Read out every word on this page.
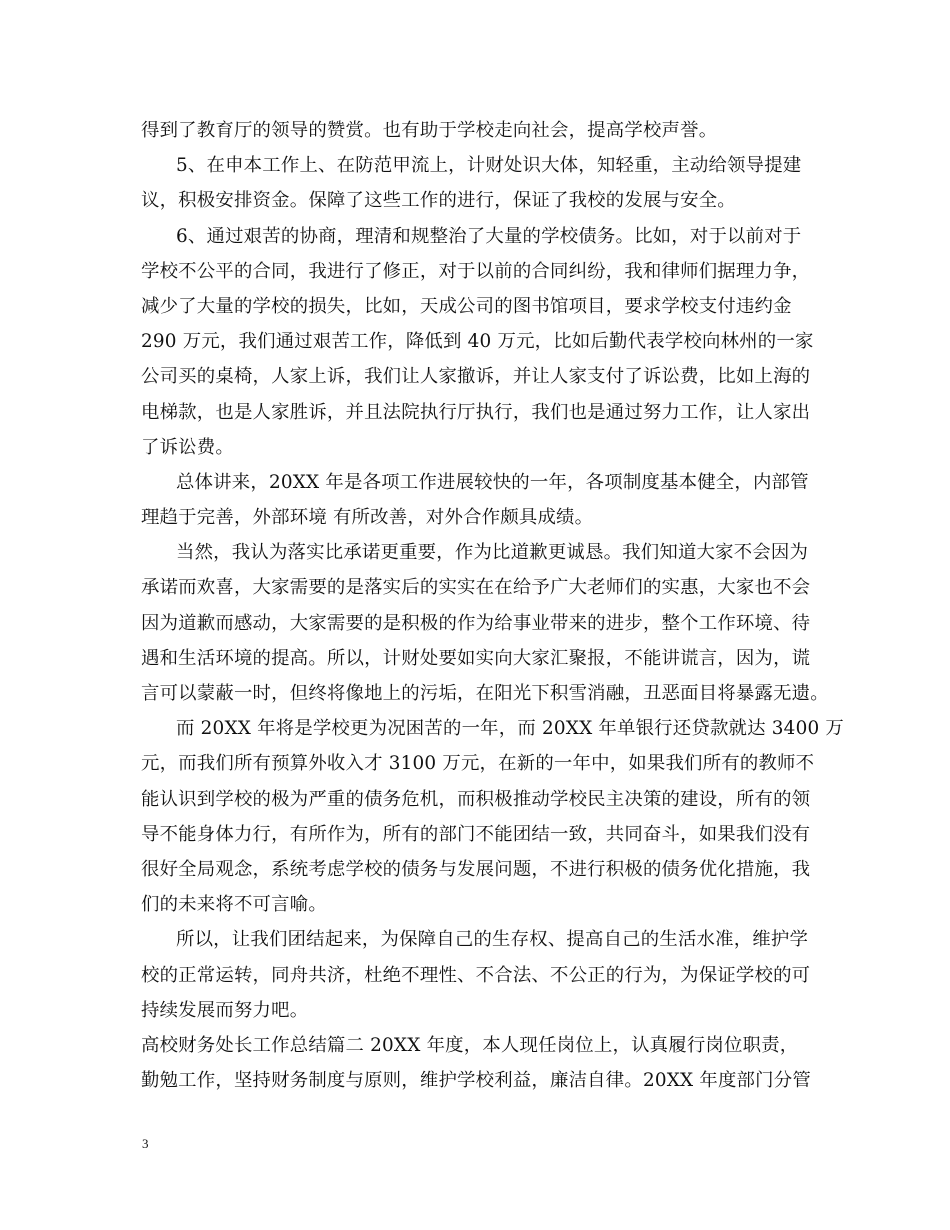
得到了教育厅的领导的赞赏。也有助于学校走向社会，提高学校声誉。
5、在申本工作上、在防范甲流上，计财处识大体，知轻重，主动给领导提建
议，积极安排资金。保障了这些工作的进行，保证了我校的发展与安全。
6、通过艰苦的协商，理清和规整治了大量的学校债务。比如，对于以前对于
学校不公平的合同，我进行了修正，对于以前的合同纠纷，我和律师们据理力争，
减少了大量的学校的损失，比如，天成公司的图书馆项目，要求学校支付违约金
290 万元，我们通过艰苦工作，降低到 40 万元，比如后勤代表学校向林州的一家
公司买的桌椅，人家上诉，我们让人家撤诉，并让人家支付了诉讼费，比如上海的
电梯款，也是人家胜诉，并且法院执行厅执行，我们也是通过努力工作，让人家出
了诉讼费。
总体讲来，20XX 年是各项工作进展较快的一年，各项制度基本健全，内部管
理趋于完善，外部环境 有所改善，对外合作颇具成绩。
当然，我认为落实比承诺更重要，作为比道歉更诚恳。我们知道大家不会因为
承诺而欢喜，大家需要的是落实后的实实在在给予广大老师们的实惠，大家也不会
因为道歉而感动，大家需要的是积极的作为给事业带来的进步，整个工作环境、待
遇和生活环境的提高。所以，计财处要如实向大家汇聚报，不能讲谎言，因为，谎
言可以蒙蔽一时，但终将像地上的污垢，在阳光下积雪消融，丑恶面目将暴露无遗。
而 20XX 年将是学校更为况困苦的一年，而 20XX 年单银行还贷款就达 3400 万
元，而我们所有预算外收入才 3100 万元，在新的一年中，如果我们所有的教师不
能认识到学校的极为严重的债务危机，而积极推动学校民主决策的建设，所有的领
导不能身体力行，有所作为，所有的部门不能团结一致，共同奋斗，如果我们没有
很好全局观念，系统考虑学校的债务与发展问题，不进行积极的债务优化措施，我
们的未来将不可言喻。
所以，让我们团结起来，为保障自己的生存权、提高自己的生活水准，维护学
校的正常运转，同舟共济，杜绝不理性、不合法、不公正的行为，为保证学校的可
持续发展而努力吧。
高校财务处长工作总结篇二 20XX 年度，本人现任岗位上，认真履行岗位职责，
勤勉工作，坚持财务制度与原则，维护学校利益，廉洁自律。20XX 年度部门分管
3
